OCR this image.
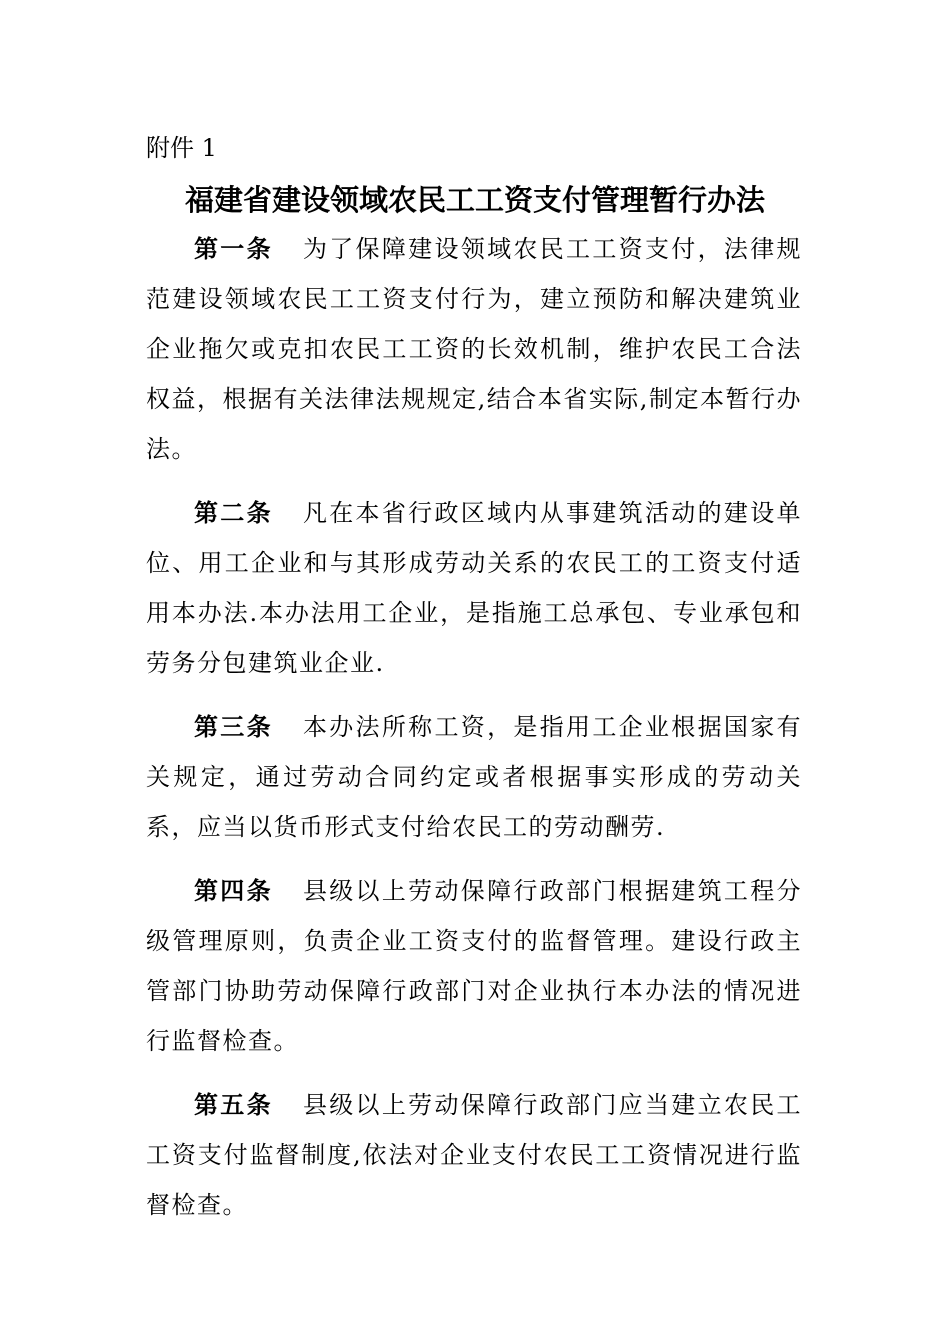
附件 1
福建省建设领域农民工工资支付管理暂行办法

第一条 为了保障建设领域农民工工资支付，法律规范建设领域农民工工资支付行为，建立预防和解决建筑业企业拖欠或克扣农民工工资的长效机制，维护农民工合法权益，根据有关法律法规规定,结合本省实际,制定本暂行办法。

第二条 凡在本省行政区域内从事建筑活动的建设单位、用工企业和与其形成劳动关系的农民工的工资支付适用本办法.本办法用工企业，是指施工总承包、专业承包和劳务分包建筑业企业.

第三条 本办法所称工资，是指用工企业根据国家有关规定，通过劳动合同约定或者根据事实形成的劳动关系，应当以货币形式支付给农民工的劳动酬劳.

第四条 县级以上劳动保障行政部门根据建筑工程分级管理原则，负责企业工资支付的监督管理。建设行政主管部门协助劳动保障行政部门对企业执行本办法的情况进行监督检查。

第五条 县级以上劳动保障行政部门应当建立农民工工资支付监督制度,依法对企业支付农民工工资情况进行监督检查。
